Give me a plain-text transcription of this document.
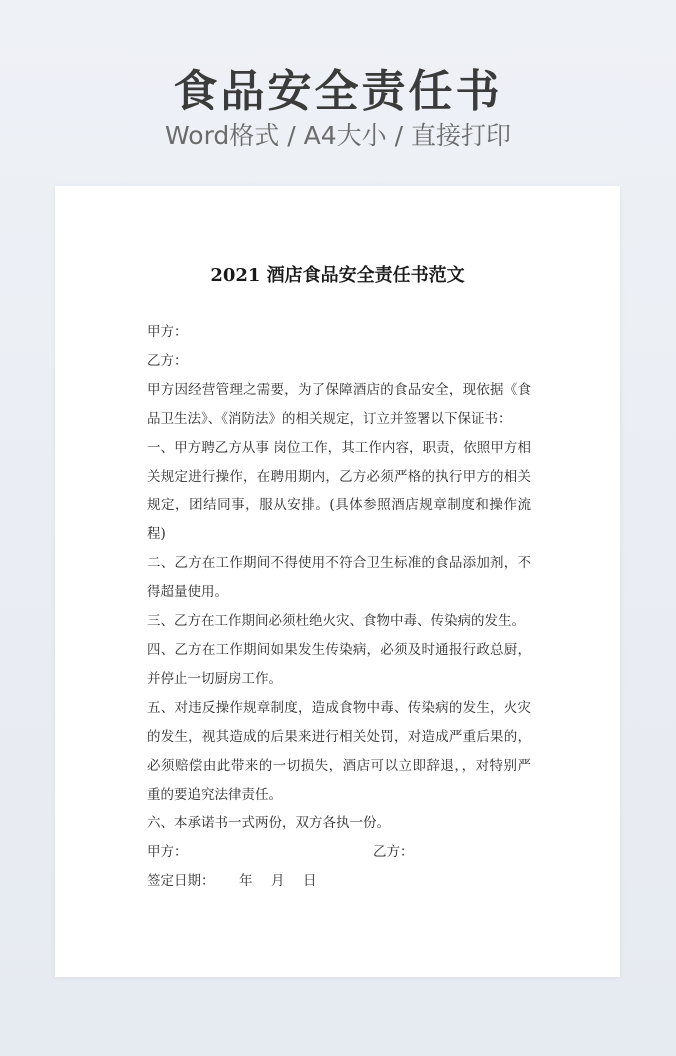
食品安全责任书
Word格式 / A4大小 / 直接打印
2021 酒店食品安全责任书范文

甲方：

乙方：

甲方因经营管理之需要，为了保障酒店的食品安全，现依据《食品卫生法》、《消防法》的相关规定，订立并签署以下保证书：

一、甲方聘乙方从事 岗位工作，其工作内容，职责，依照甲方相关规定进行操作，在聘用期内，乙方必须严格的执行甲方的相关规定，团结同事，服从安排。(具体参照酒店规章制度和操作流程)

二、乙方在工作期间不得使用不符合卫生标准的食品添加剂，不得超量使用。

三、乙方在工作期间必须杜绝火灾、食物中毒、传染病的发生。

四、乙方在工作期间如果发生传染病，必须及时通报行政总厨，并停止一切厨房工作。

五、对违反操作规章制度，造成食物中毒、传染病的发生，火灾的发生，视其造成的后果来进行相关处罚，对造成严重后果的，必须赔偿由此带来的一切损失，酒店可以立即辞退，，对特别严重的要追究法律责任。

六、本承诺书一式两份，双方各执一份。

甲方：	乙方：
签定日期： 年 月 日
